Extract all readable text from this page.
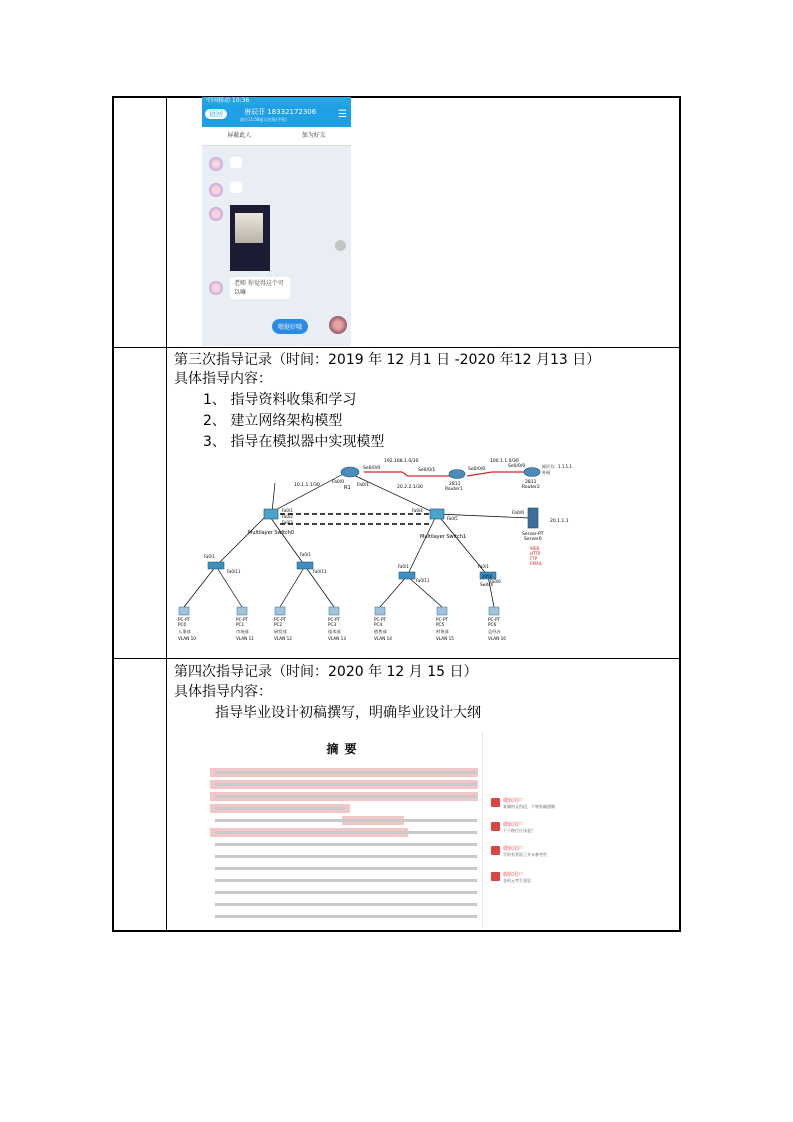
中国移动 10:36
返回	唐辰菲 18332172306
最后11:58显示在线(手机)	☰
屏蔽此人	加为好友
老师 你觉得这个可以嘛
嗯挺好哦
第三次指导记录（时间：2019 年 12 月1 日 -2020 年12 月13 日）
具体指导内容：
1、 指导资料收集和学习
2、 建立网络架构模型
3、 指导在模拟器中实现模型
R1
2811
Router1
2811
Router2
网页为：1.1.1.1
外网
192.168.1.0/30	100.1.1.0/30
10.1.1.1/30	20.2.2.1/30
Se0/0/0	Se0/0/1	Se0/0/0
Se0/0/0
Fa0/0
Fa0/1
Fa0/0
Multilayer Switch0
Multilayer Switch1
Fa0/1
Fa0/2
Fa0/3
Fa0/4
Fa0/5
Fa0/1
Fa0/11
Fa0/1
Fa0/11
Fa0/1
Fa0/11
Fa0/1
Fa0/6
2950
Switch
20.1.1.1
Server-PT
Server0
WEB
HTTP
FTP
EMAIL
PC-PT
PC0
人事部
VLAN 10
PC-PT
PC1
市场部
VLAN 11
PC-PT
PC2
研发部
VLAN 12
PC-PT
PC3
技术部
VLAN 13
PC-PT
PC4
销售部
VLAN 14
PC-PT
PC5
财务部
VLAN 15
PC-PT
PC6
总经办
VLAN 16
第四次指导记录（时间：2020 年 12 月 15 日）
具体指导内容：
指导毕业设计初稿撰写，明确毕业设计大纲
摘要
微软用户
复制的文档段，不够准确通顺
微软用户
下个路径应该是？
微软用户
写的有背面了并未参考些
微软用户
各机元考生意思
